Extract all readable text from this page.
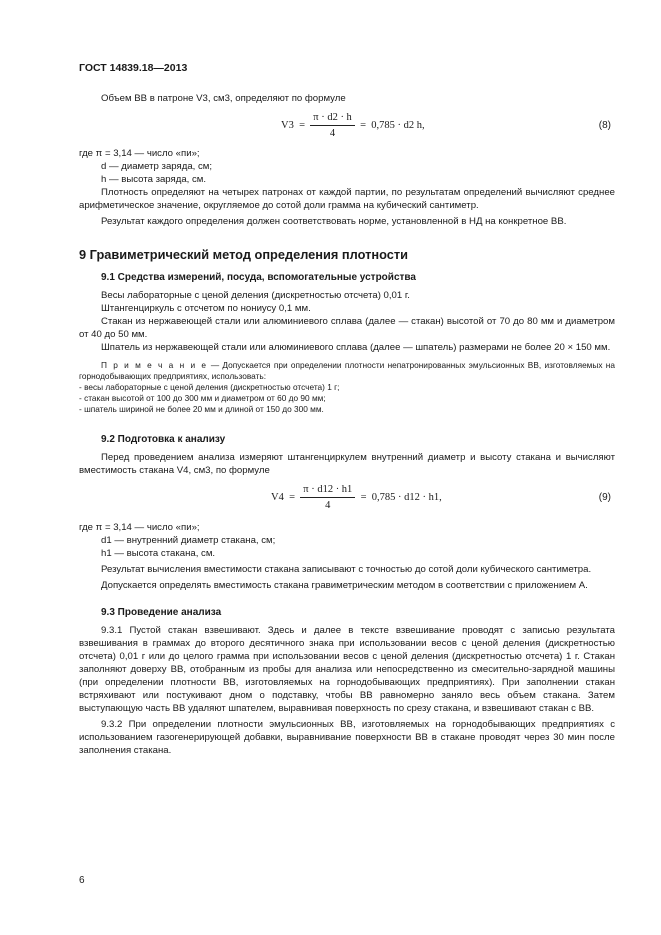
ГОСТ 14839.18—2013

Объем ВВ в патроне V3, см3, определяют по формуле

$V3 = \frac{\pi \cdot d2 \cdot h}{4} = 0,785 \cdot d2$ h,	(8)

где π = 3,14 — число «пи»;

d — диаметр заряда, см;

h — высота заряда, см.

Плотность определяют на четырех патронах от каждой партии, по результатам определений вычисляют среднее арифметическое значение, округляемое до сотой доли грамма на кубический сантиметр.

Результат каждого определения должен соответствовать норме, установленной в НД на конкретное ВВ.

9 Гравиметрический метод определения плотности
9.1 Средства измерений, посуда, вспомогательные устройства

Весы лабораторные с ценой деления (дискретностью отсчета) 0,01 г.

Штангенциркуль с отсчетом по нониусу 0,1 мм.

Стакан из нержавеющей стали или алюминиевого сплава (далее — стакан) высотой от 70 до 80 мм и диаметром от 40 до 50 мм.

Шпатель из нержавеющей стали или алюминиевого сплава (далее — шпатель) размерами не более 20 × 150 мм.

П р и м е ч а н и е — Допускается при определении плотности непатронированных эмульсионных ВВ, изготовляемых на горнодобывающих предприятиях, использовать:

- весы лабораторные с ценой деления (дискретностью отсчета) 1 г;

- стакан высотой от 100 до 300 мм и диаметром от 60 до 90 мм;

- шпатель шириной не более 20 мм и длиной от 150 до 300 мм.

9.2 Подготовка к анализу

Перед проведением анализа измеряют штангенциркулем внутренний диаметр и высоту стакана и вычисляют вместимость стакана V4, см3, по формуле

$V4 = \frac{\pi \cdot d12 \cdot h1}{4} = 0,785 \cdot d12 \cdot h1$,	(9)

где π = 3,14 — число «пи»;

d1 — внутренний диаметр стакана, см;

h1 — высота стакана, см.

Результат вычисления вместимости стакана записывают с точностью до сотой доли кубического сантиметра.

Допускается определять вместимость стакана гравиметрическим методом в соответствии с приложением А.

9.3 Проведение анализа

9.3.1 Пустой стакан взвешивают. Здесь и далее в тексте взвешивание проводят с записью результата взвешивания в граммах до второго десятичного знака при использовании весов с ценой деления (дискретностью отсчета) 0,01 г или до целого грамма при использовании весов с ценой деления (дискретностью отсчета) 1 г. Стакан заполняют доверху ВВ, отобранным из пробы для анализа или непосредственно из смесительно-зарядной машины (при определении плотности ВВ, изготовляемых на горнодобывающих предприятиях). При заполнении стакан встряхивают или постукивают дном о подставку, чтобы ВВ равномерно заняло весь объем стакана. Затем выступающую часть ВВ удаляют шпателем, выравнивая поверхность по срезу стакана, и взвешивают стакан с ВВ.

9.3.2 При определении плотности эмульсионных ВВ, изготовляемых на горнодобывающих предприятиях с использованием газогенерирующей добавки, выравнивание поверхности ВВ в стакане проводят через 30 мин после заполнения стакана.

6
